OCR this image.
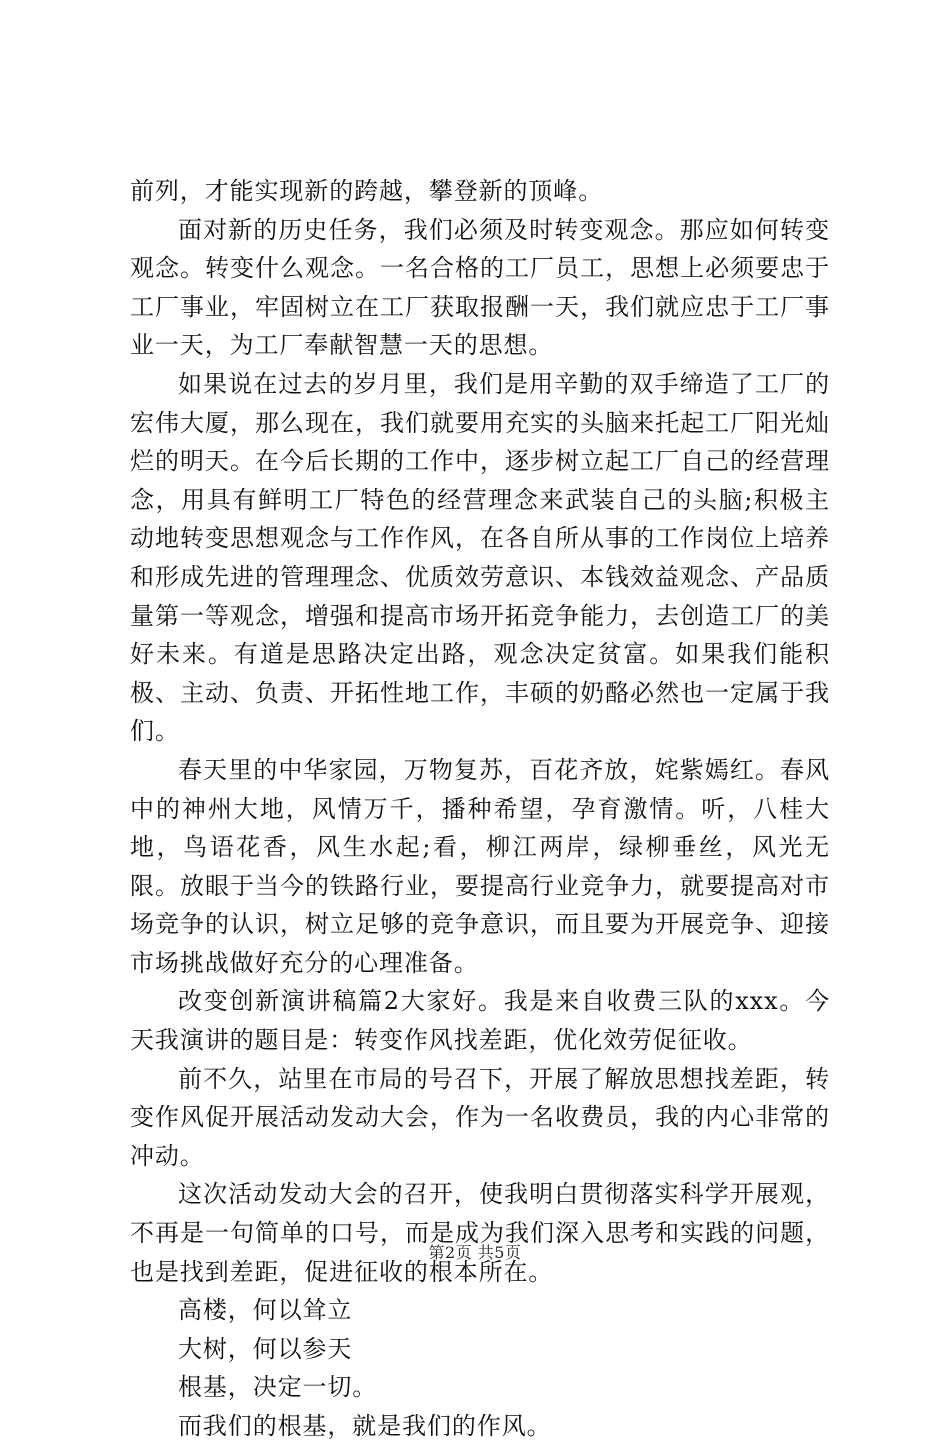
前列，才能实现新的跨越，攀登新的顶峰。

面对新的历史任务，我们必须及时转变观念。那应如何转变观念。转变什么观念。一名合格的工厂员工，思想上必须要忠于工厂事业，牢固树立在工厂获取报酬一天，我们就应忠于工厂事业一天，为工厂奉献智慧一天的思想。

如果说在过去的岁月里，我们是用辛勤的双手缔造了工厂的宏伟大厦，那么现在，我们就要用充实的头脑来托起工厂阳光灿烂的明天。在今后长期的工作中，逐步树立起工厂自己的经营理念，用具有鲜明工厂特色的经营理念来武装自己的头脑;积极主动地转变思想观念与工作作风，在各自所从事的工作岗位上培养和形成先进的管理理念、优质效劳意识、本钱效益观念、产品质量第一等观念，增强和提高市场开拓竞争能力，去创造工厂的美好未来。有道是思路决定出路，观念决定贫富。如果我们能积极、主动、负责、开拓性地工作，丰硕的奶酪必然也一定属于我们。

春天里的中华家园，万物复苏，百花齐放，姹紫嫣红。春风中的神州大地，风情万千，播种希望，孕育激情。听，八桂大地，鸟语花香，风生水起;看，柳江两岸，绿柳垂丝，风光无限。放眼于当今的铁路行业，要提高行业竞争力，就要提高对市场竞争的认识，树立足够的竞争意识，而且要为开展竞争、迎接市场挑战做好充分的心理准备。

改变创新演讲稿篇2大家好。我是来自收费三队的xxx。今天我演讲的题目是：转变作风找差距，优化效劳促征收。

前不久，站里在市局的号召下，开展了解放思想找差距，转变作风促开展活动发动大会，作为一名收费员，我的内心非常的冲动。

这次活动发动大会的召开，使我明白贯彻落实科学开展观，不再是一句简单的口号，而是成为我们深入思考和实践的问题，也是找到差距，促进征收的根本所在。

高楼，何以耸立

大树，何以参天

根基，决定一切。

而我们的根基，就是我们的作风。

第2页 共5页
